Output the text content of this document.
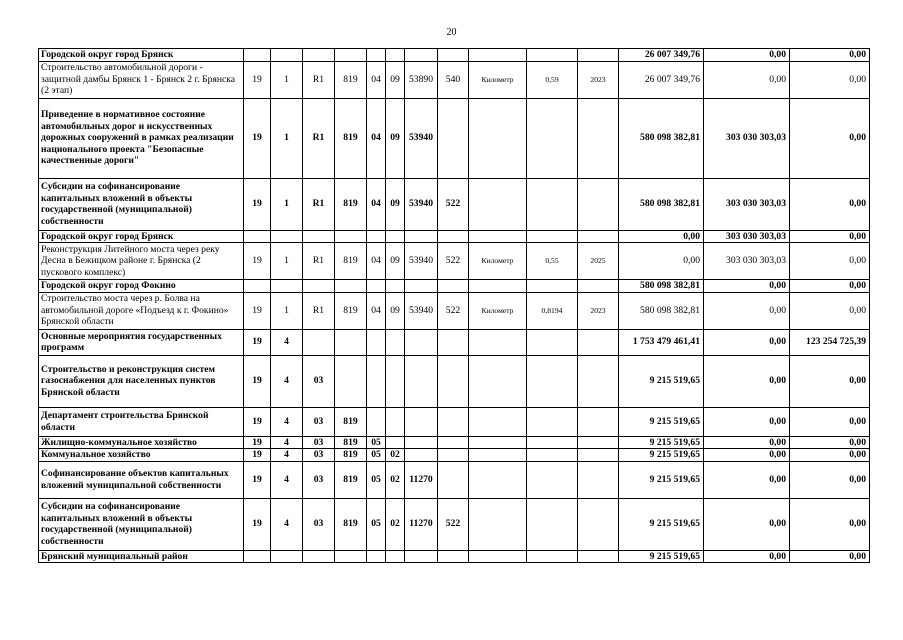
20
Городской округ город Брянск												26 007 349,76	0,00	0,00
Строительство автомобильной дороги - защитной дамбы Брянск 1 - Брянск 2 г. Брянска (2 этап)	19	1	R1	819	04	09	53890	540	Километр	0,59	2023	26 007 349,76	0,00	0,00
Приведение в нормативное состояние автомобильных дорог и искусственных дорожных сооружений в рамках реализации национального проекта "Безопасные качественные дороги"	19	1	R1	819	04	09	53940					580 098 382,81	303 030 303,03	0,00
Субсидии на софинансирование капитальных вложений в объекты государственной (муниципальной) собственности	19	1	R1	819	04	09	53940	522				580 098 382,81	303 030 303,03	0,00
Городской округ город Брянск												0,00	303 030 303,03	0,00
Реконструкция Литейного моста через реку Десна в Бежицком районе г. Брянска (2 пускового комплекс)	19	1	R1	819	04	09	53940	522	Километр	0,55	2025	0,00	303 030 303,03	0,00
Городской округ город Фокино												580 098 382,81	0,00	0,00
Строительство моста через р. Болва на автомобильной дороге «Подъезд к г. Фокино» Брянской области	19	1	R1	819	04	09	53940	522	Километр	0,8194	2023	580 098 382,81	0,00	0,00
Основные мероприятия государственных программ	19	4										1 753 479 461,41	0,00	123 254 725,39
Строительство и реконструкция систем газоснабжения для населенных пунктов Брянской области	19	4	03									9 215 519,65	0,00	0,00
Департамент строительства Брянской области	19	4	03	819								9 215 519,65	0,00	0,00
Жилищно-коммунальное хозяйство	19	4	03	819	05							9 215 519,65	0,00	0,00
Коммунальное хозяйство	19	4	03	819	05	02						9 215 519,65	0,00	0,00
Софинансирование объектов капитальных вложений муниципальной собственности	19	4	03	819	05	02	11270					9 215 519,65	0,00	0,00
Субсидии на софинансирование капитальных вложений в объекты государственной (муниципальной) собственности	19	4	03	819	05	02	11270	522				9 215 519,65	0,00	0,00
Брянский муниципальный район												9 215 519,65	0,00	0,00
